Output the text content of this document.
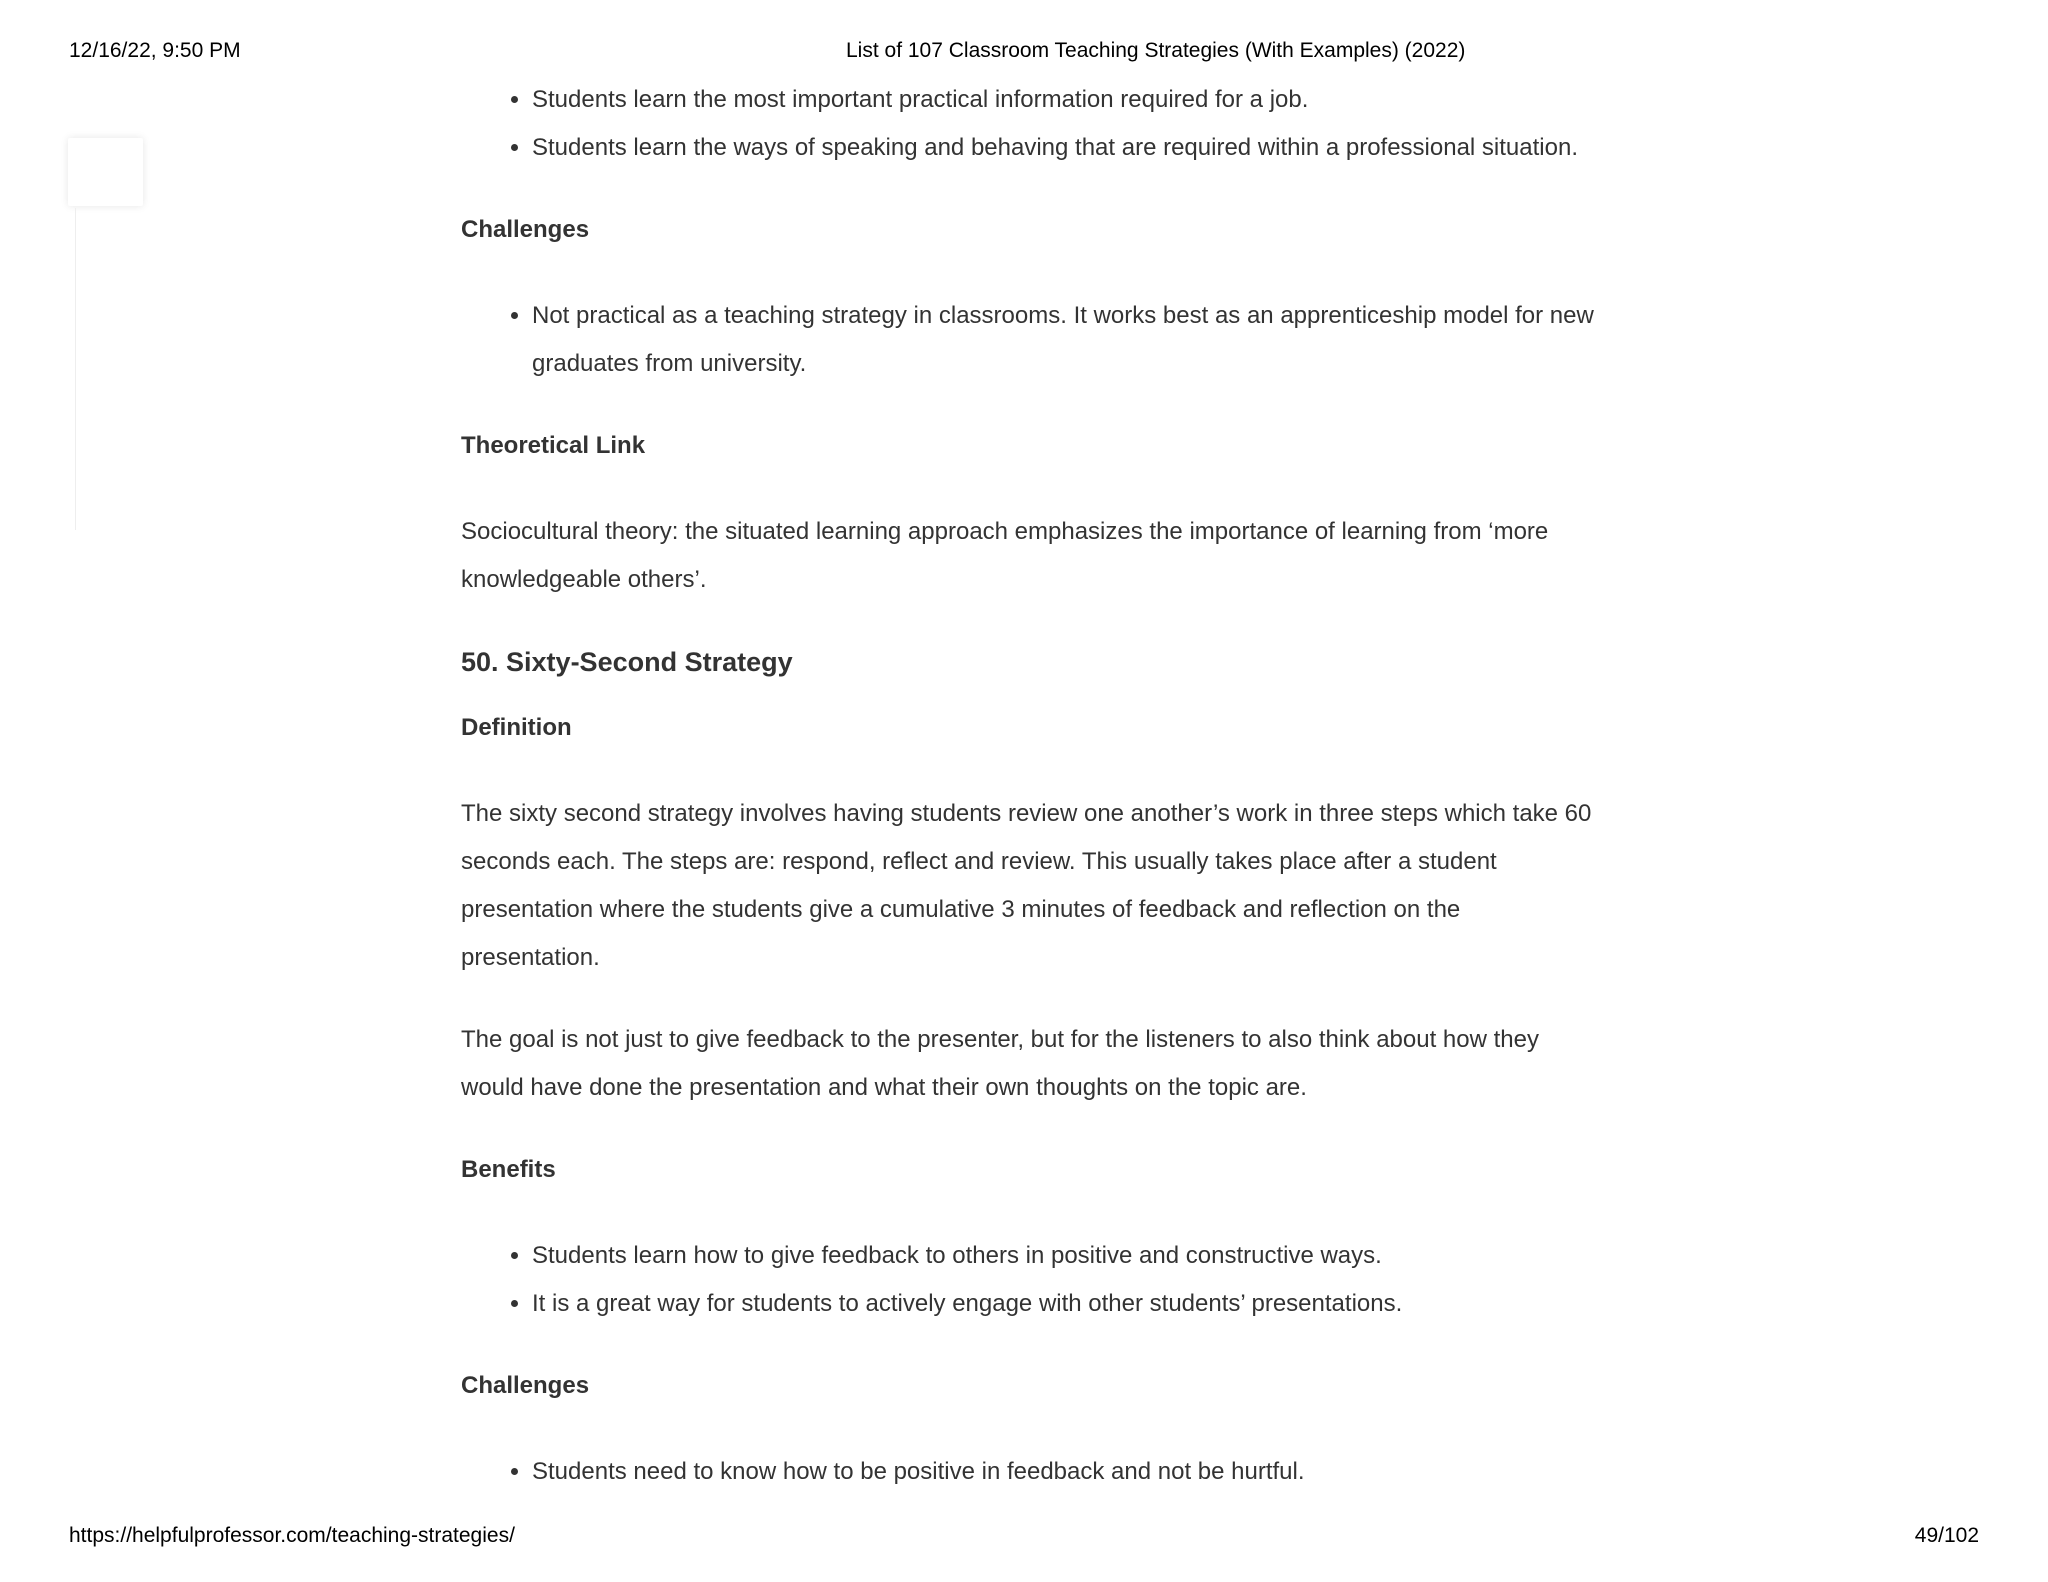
12/16/22, 9:50 PM	List of 107 Classroom Teaching Strategies (With Examples) (2022)
• Students learn the most important practical information required for a job.
• Students learn the ways of speaking and behaving that are required within a professional situation.
Challenges
• Not practical as a teaching strategy in classrooms. It works best as an apprenticeship model for new graduates from university.
Theoretical Link

Sociocultural theory: the situated learning approach emphasizes the importance of learning from ‘more knowledgeable others’.

50. Sixty-Second Strategy
Definition

The sixty second strategy involves having students review one another’s work in three steps which take 60 seconds each. The steps are: respond, reflect and review. This usually takes place after a student presentation where the students give a cumulative 3 minutes of feedback and reflection on the presentation.

The goal is not just to give feedback to the presenter, but for the listeners to also think about how they would have done the presentation and what their own thoughts on the topic are.

Benefits
• Students learn how to give feedback to others in positive and constructive ways.
• It is a great way for students to actively engage with other students’ presentations.
Challenges
• Students need to know how to be positive in feedback and not be hurtful.
https://helpfulprofessor.com/teaching-strategies/	49/102
